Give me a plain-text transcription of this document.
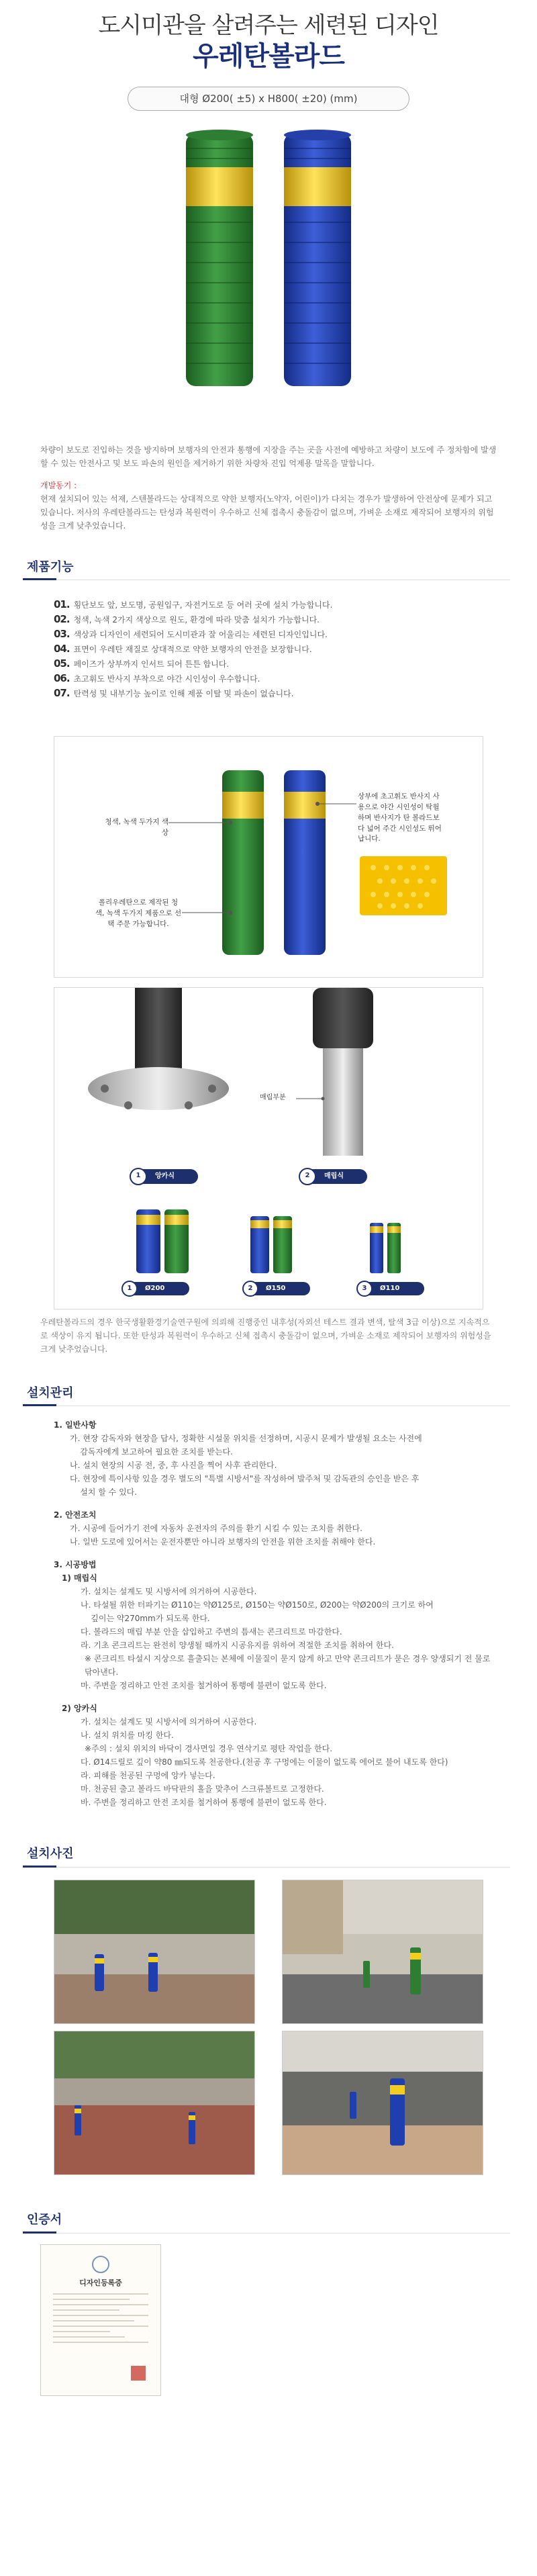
도시미관을 살려주는 세련된 디자인
우레탄볼라드
대형 Ø200( ±5) x H800( ±20) (mm)

차량이 보도로 진입하는 것을 방지하며 보행자의 안전과 통행에 지장을 주는 곳을 사전에 예방하고 차량이 보도에 주 정차함에 발생할 수 있는 안전사고 및 보도 파손의 원인을 제거하기 위한 차량차 진입 억제용 말목을 말합니다.

개발동기 :
현재 설치되어 있는 석재, 스텐볼라드는 상대적으로 약한 보행자(노약자, 어린이)가 다치는 경우가 발생하여 안전상에 문제가 되고 있습니다. 저사의 우레탄볼라드는 탄성과 복원력이 우수하고 신체 접촉시 충돌감이 없으며, 가벼운 소재로 제작되어 보행자의 위험성을 크게 낮추었습니다.

제품기능
01. 횡단보도 앞, 보도명, 공원입구, 자전거도로 등 여러 곳에 설치 가능합니다.
02. 청색, 녹색 2가지 색상으로 원도, 환경에 따라 맞춤 설치가 가능합니다.
03. 색상과 디자인이 세련되어 도시미관과 잘 어울리는 세련된 디자인입니다.
04. 표면이 우레탄 재질로 상대적으로 약한 보행자의 안전을 보장합니다.
05. 페이즈가 상부까지 인서트 되어 튼튼 합니다.
06. 초고휘도 반사지 부착으로 야간 시인성이 우수합니다.
07. 탄력성 및 내부기능 높이로 인해 제품 이탈 및 파손이 없습니다.
청색, 녹색 두가지 색상
폴리우레탄으로 제작된 청색, 녹색 두가지 제품으로 선택 주문 가능합니다.
상부에 초고휘도 반사지 사용으로 야간 시인성이 탁월하며 반사지가 탄 볼라드보다 넓어 주간 시인성도 뛰어납니다.
매립부분
1 앙카식	2 매립식
1 Ø200	2 Ø150	3 Ø110
우레탄볼라드의 경우 한국생활환경기술연구원에 의뢰해 진행중인 내후성(자외선 테스트 결과 변색, 탈색 3급 이상)으로 지속적으로 색상이 유지 됩니다. 또한 탄성과 복원력이 우수하고 신체 접촉시 충돌감이 없으며, 가벼운 소재로 제작되어 보행자의 위험성을 크게 낮추었습니다.
설치관리
1. 일반사항
가. 현장 감독자와 현장을 답사, 정확한 시설물 위치를 선정하며, 시공시 문제가 발생될 요소는 사전에
감독자에게 보고하여 필요한 조치를 받는다.
나. 설치 현장의 시공 전, 중, 후 사진을 찍어 사후 관리한다.
다. 현장에 특이사항 있을 경우 별도의 "특별 시방서"를 작성하여 발주처 및 감독관의 승인을 받은 후
설치 할 수 있다.
2. 안전조치
가. 시공에 들어가기 전에 자동차 운전자의 주의를 환기 시킬 수 있는 조치를 취한다.
나. 일반 도로에 있어서는 운전자뿐만 아니라 보행자의 안전을 위한 조치를 취해야 한다.
3. 시공방법
1) 매립식
가. 설치는 설계도 및 시방서에 의거하여 시공한다.
나. 타설될 위한 터파기는 Ø110는 약Ø125로, Ø150는 약Ø150로, Ø200는 약Ø200의 크기로 하여
깊이는 약270mm가 되도록 한다.
다. 볼라드의 매립 부분 안을 삽입하고 주변의 틈새는 콘크리트로 마감한다.
라. 기초 콘크리트는 완전히 양생될 때까지 시공유지를 위하여 적절한 조치를 취하여 한다.
※ 콘크리트 타설시 지상으로 흘출되는 본체에 이물질이 묻지 않게 하고 만약 콘크리트가 묻은 경우 양생되기 전 물로 닦아낸다.
마. 주변을 정리하고 안전 조치를 철거하여 통행에 불편이 없도록 한다.
2) 앙카식
가. 설치는 설계도 및 시방서에 의거하여 시공한다.
나. 설치 위치를 마킹 한다.
※주의 : 설치 위치의 바닥이 경사면일 경우 연삭기로 평탄 작업을 한다.
다. Ø14드릴로 깊이 약80 ㎜되도록 천공한다.(천공 후 구멍에는 이물이 없도록 에어로 불어 내도록 한다)
라. 피해를 천공된 구멍에 앙카 넣는다.
마. 천공된 출고 볼라드 바닥판의 홀을 맞추어 스크류볼트로 고정한다.
바. 주변을 정리하고 안전 조치를 철거하여 통행에 불편이 없도록 한다.
설치사진
인증서
디자인등록증
